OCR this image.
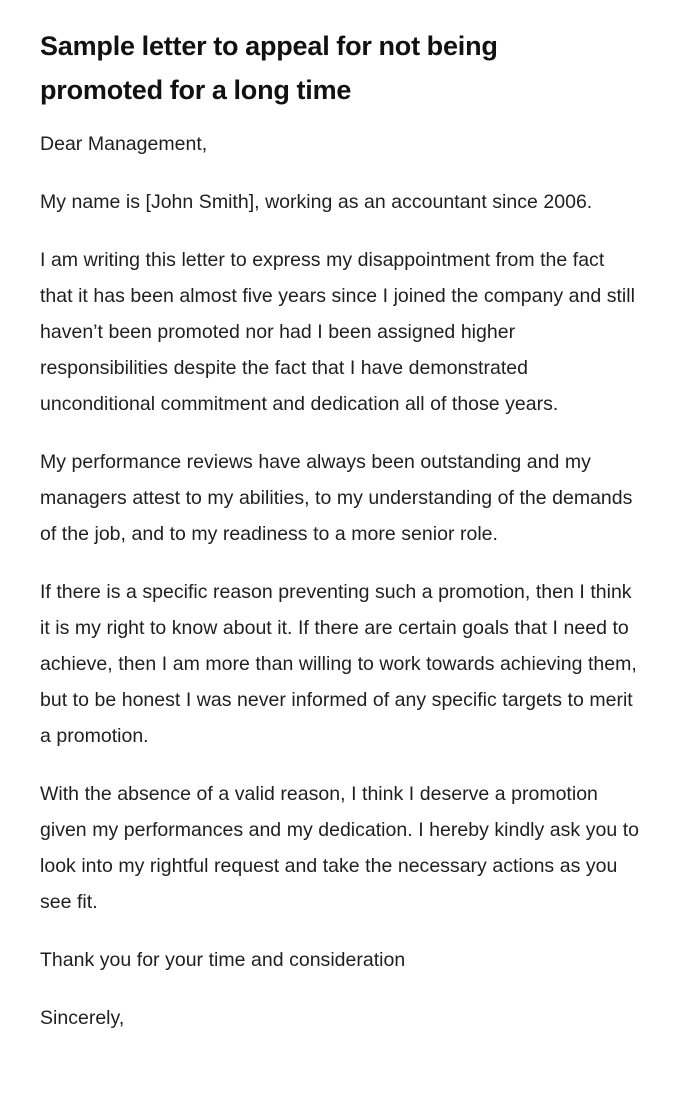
Sample letter to appeal for not being promoted for a long time

Dear Management,

My name is [John Smith], working as an accountant since 2006.

I am writing this letter to express my disappointment from the fact that it has been almost five years since I joined the company and still haven’t been promoted nor had I been assigned higher responsibilities despite the fact that I have demonstrated unconditional commitment and dedication all of those years.

My performance reviews have always been outstanding and my managers attest to my abilities, to my understanding of the demands of the job, and to my readiness to a more senior role.

If there is a specific reason preventing such a promotion, then I think it is my right to know about it. If there are certain goals that I need to achieve, then I am more than willing to work towards achieving them, but to be honest I was never informed of any specific targets to merit a promotion.

With the absence of a valid reason, I think I deserve a promotion given my performances and my dedication. I hereby kindly ask you to look into my rightful request and take the necessary actions as you see fit.

Thank you for your time and consideration

Sincerely,
